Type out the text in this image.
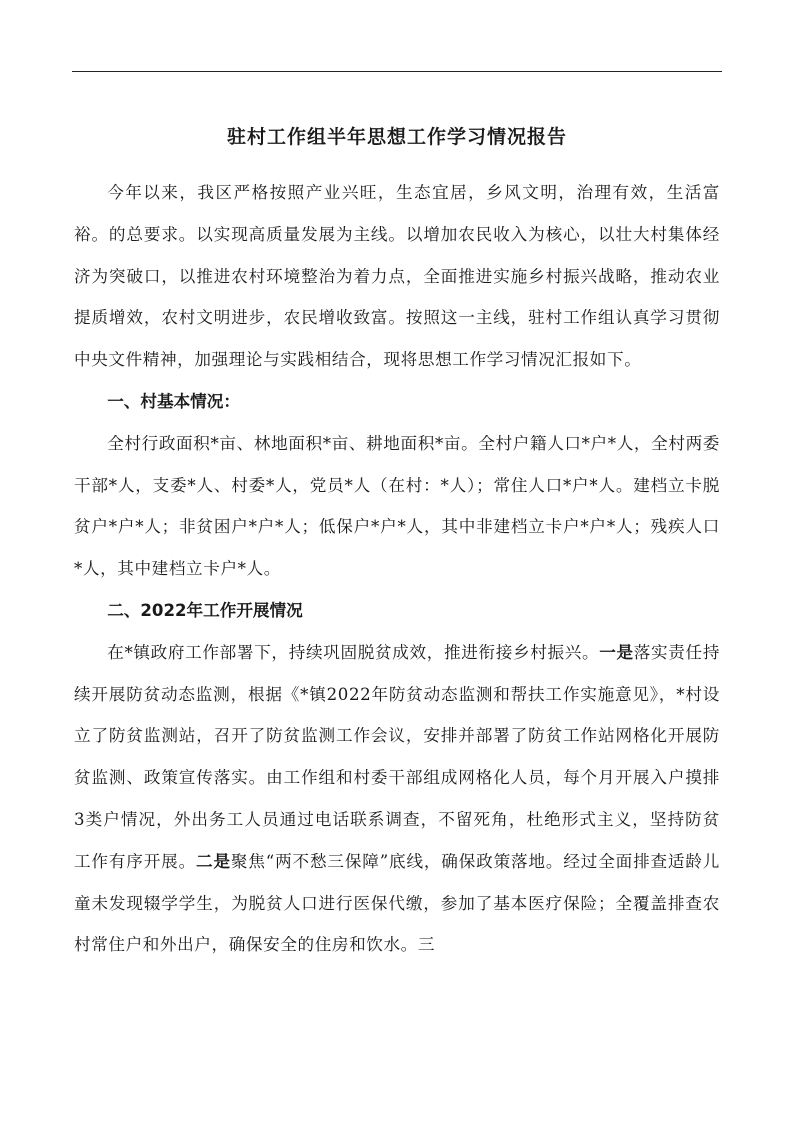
驻村工作组半年思想工作学习情况报告

今年以来，我区严格按照产业兴旺，生态宜居，乡风文明，治理有效，生活富裕。的总要求。以实现高质量发展为主线。以增加农民收入为核心，以壮大村集体经济为突破口，以推进农村环境整治为着力点，全面推进实施乡村振兴战略，推动农业提质增效，农村文明进步，农民增收致富。按照这一主线，驻村工作组认真学习贯彻中央文件精神，加强理论与实践相结合，现将思想工作学习情况汇报如下。

一、村基本情况：

全村行政面积*亩、林地面积*亩、耕地面积*亩。全村户籍人口*户*人，全村两委干部*人，支委*人、村委*人，党员*人（在村：*人）；常住人口*户*人。建档立卡脱贫户*户*人；非贫困户*户*人；低保户*户*人，其中非建档立卡户*户*人；残疾人口 *人，其中建档立卡户*人。

二、2022年工作开展情况

在*镇政府工作部署下，持续巩固脱贫成效，推进衔接乡村振兴。一是落实责任持续开展防贫动态监测，根据《*镇2022年防贫动态监测和帮扶工作实施意见》，*村设立了防贫监测站，召开了防贫监测工作会议，安排并部署了防贫工作站网格化开展防贫监测、政策宣传落实。由工作组和村委干部组成网格化人员，每个月开展入户摸排3类户情况，外出务工人员通过电话联系调查，不留死角，杜绝形式主义，坚持防贫工作有序开展。二是聚焦“两不愁三保障”底线，确保政策落地。经过全面排查适龄儿童未发现辍学学生，为脱贫人口进行医保代缴，参加了基本医疗保险；全覆盖排查农村常住户和外出户，确保安全的住房和饮水。三
